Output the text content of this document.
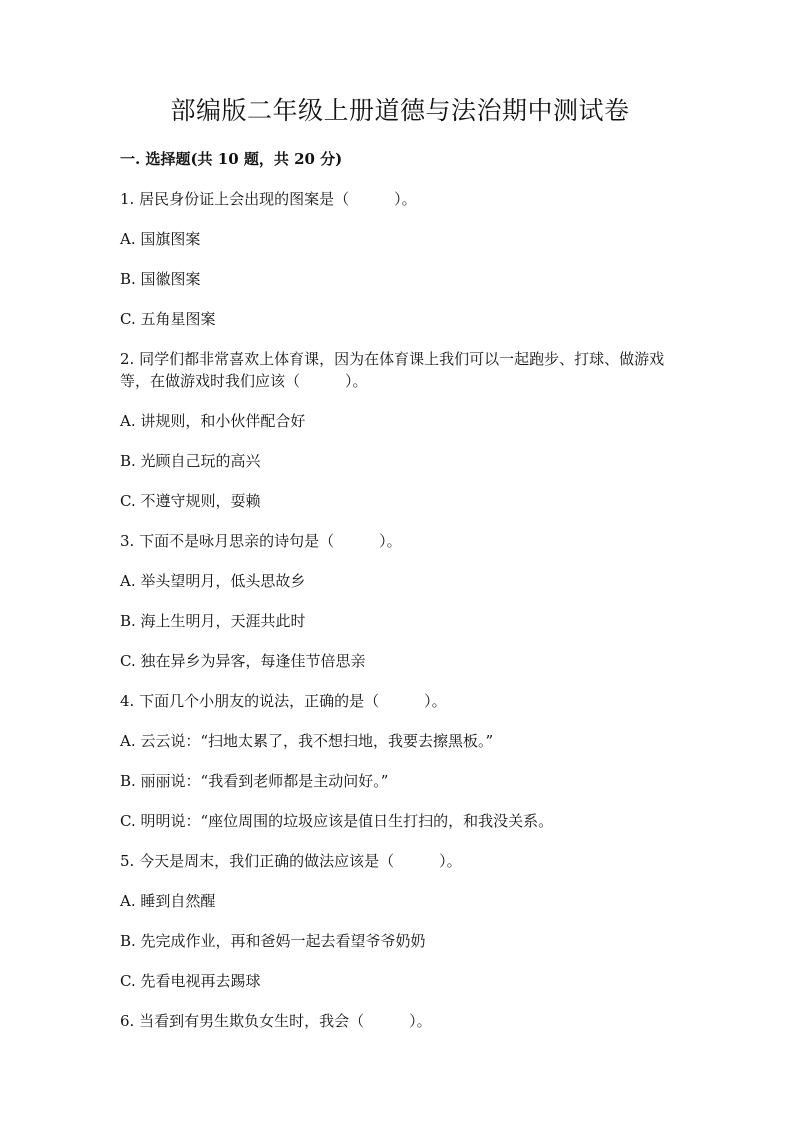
部编版二年级上册道德与法治期中测试卷

一. 选择题(共 10 题，共 20 分)

1. 居民身份证上会出现的图案是（　　　）。

A. 国旗图案

B. 国徽图案

C. 五角星图案

2. 同学们都非常喜欢上体育课，因为在体育课上我们可以一起跑步、打球、做游戏等，在做游戏时我们应该（　　　）。

A. 讲规则，和小伙伴配合好

B. 光顾自己玩的高兴

C. 不遵守规则，耍赖

3. 下面不是咏月思亲的诗句是（　　　）。

A. 举头望明月，低头思故乡

B. 海上生明月，天涯共此时

C. 独在异乡为异客，每逢佳节倍思亲

4. 下面几个小朋友的说法，正确的是（　　　）。

A. 云云说：“扫地太累了，我不想扫地，我要去擦黑板。”

B. 丽丽说：“我看到老师都是主动问好。”

C. 明明说：“座位周围的垃圾应该是值日生打扫的，和我没关系。

5. 今天是周末，我们正确的做法应该是（　　　）。

A. 睡到自然醒

B. 先完成作业，再和爸妈一起去看望爷爷奶奶

C. 先看电视再去踢球

6. 当看到有男生欺负女生时，我会（　　　）。
